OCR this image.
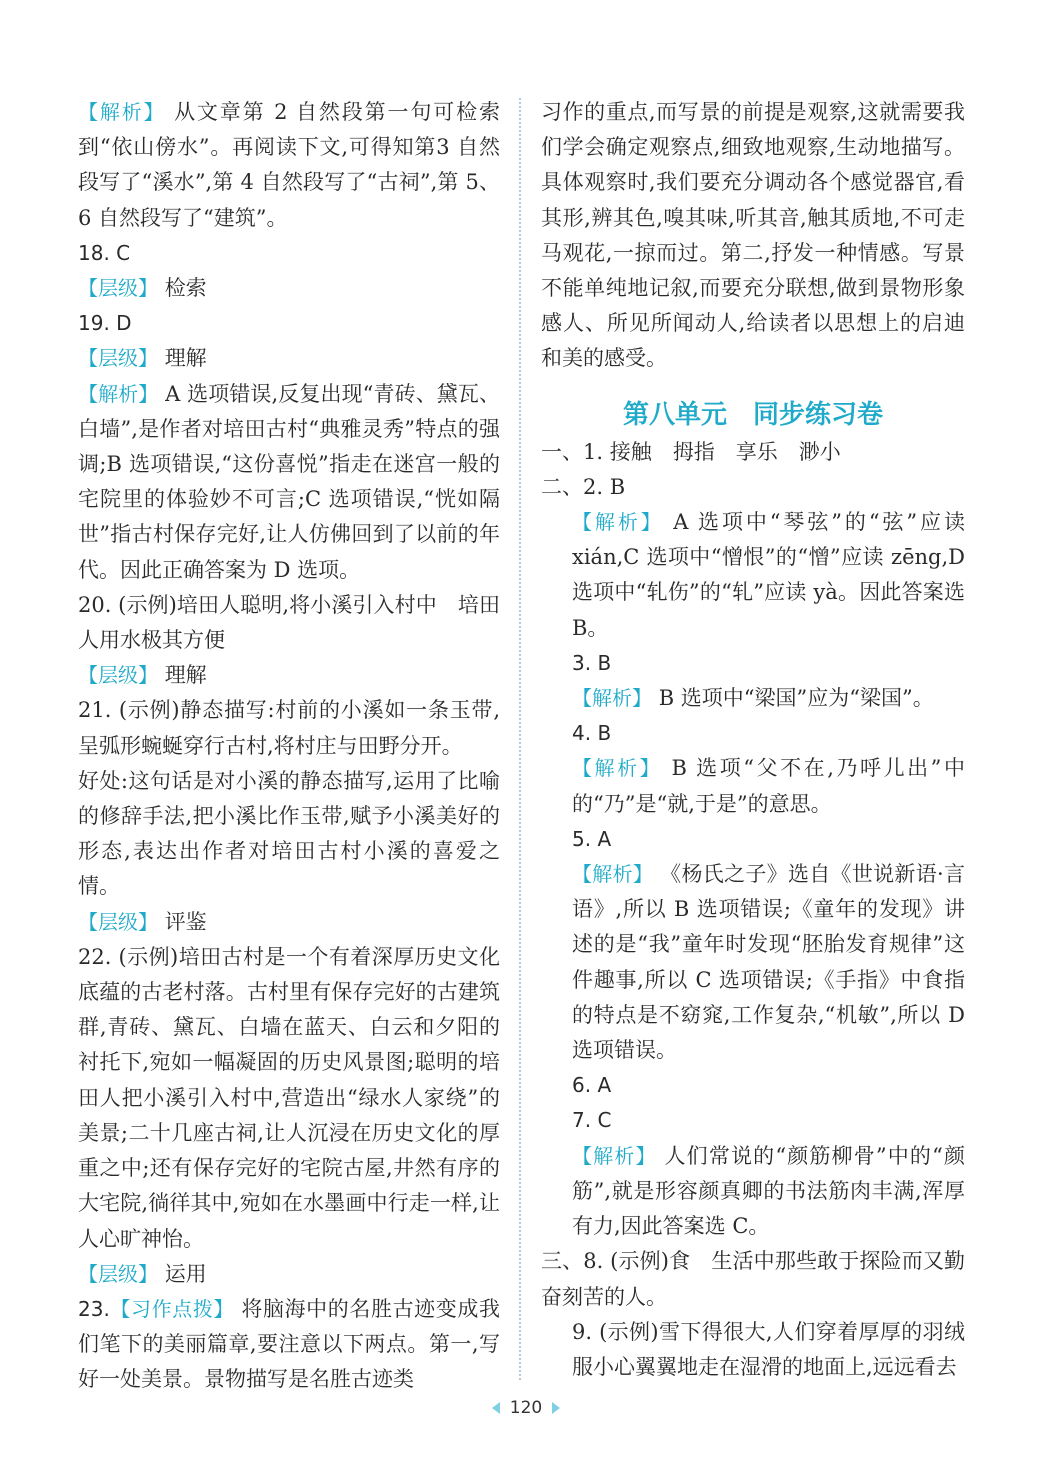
【解析】 从文章第 2 自然段第一句可检索到“依山傍水”。再阅读下文,可得知第3 自然段写了“溪水”,第 4 自然段写了“古祠”,第 5、6 自然段写了“建筑”。

18. C

【层级】 检索

19. D

【层级】 理解

【解析】 A 选项错误,反复出现“青砖、黛瓦、白墙”,是作者对培田古村“典雅灵秀”特点的强调;B 选项错误,“这份喜悦”指走在迷宫一般的宅院里的体验妙不可言;C 选项错误,“恍如隔世”指古村保存完好,让人仿佛回到了以前的年代。因此正确答案为 D 选项。

20. (示例)培田人聪明,将小溪引入村中　培田人用水极其方便

【层级】 理解

21. (示例)静态描写:村前的小溪如一条玉带,呈弧形蜿蜒穿行古村,将村庄与田野分开。

好处:这句话是对小溪的静态描写,运用了比喻的修辞手法,把小溪比作玉带,赋予小溪美好的形态,表达出作者对培田古村小溪的喜爱之情。

【层级】 评鉴

22. (示例)培田古村是一个有着深厚历史文化底蕴的古老村落。古村里有保存完好的古建筑群,青砖、黛瓦、白墙在蓝天、白云和夕阳的衬托下,宛如一幅凝固的历史风景图;聪明的培田人把小溪引入村中,营造出“绿水人家绕”的美景;二十几座古祠,让人沉浸在历史文化的厚重之中;还有保存完好的宅院古屋,井然有序的大宅院,徜徉其中,宛如在水墨画中行走一样,让人心旷神怡。

【层级】 运用

23.【习作点拨】 将脑海中的名胜古迹变成我们笔下的美丽篇章,要注意以下两点。第一,写好一处美景。景物描写是名胜古迹类

习作的重点,而写景的前提是观察,这就需要我们学会确定观察点,细致地观察,生动地描写。具体观察时,我们要充分调动各个感觉器官,看其形,辨其色,嗅其味,听其音,触其质地,不可走马观花,一掠而过。第二,抒发一种情感。写景不能单纯地记叙,而要充分联想,做到景物形象感人、所见所闻动人,给读者以思想上的启迪和美的感受。

第八单元　同步练习卷

一、1. 接触　拇指　享乐　渺小

二、2. B

【解析】 A 选项中“琴弦”的“弦”应读 xián,C 选项中“憎恨”的“憎”应读 zēng,D 选项中“轧伤”的“轧”应读 yà。因此答案选 B。

3. B

【解析】 B 选项中“梁国”应为“梁国”。

4. B

【解析】 B 选项“父不在,乃呼儿出”中的“乃”是“就,于是”的意思。

5. A

【解析】 《杨氏之子》选自《世说新语·言语》,所以 B 选项错误;《童年的发现》讲述的是“我”童年时发现“胚胎发育规律”这件趣事,所以 C 选项错误;《手指》中食指的特点是不窈窕,工作复杂,“机敏”,所以 D 选项错误。

6. A

7. C

【解析】 人们常说的“颜筋柳骨”中的“颜筋”,就是形容颜真卿的书法筋肉丰满,浑厚有力,因此答案选 C。

三、8. (示例)食　生活中那些敢于探险而又勤奋刻苦的人。

9. (示例)雪下得很大,人们穿着厚厚的羽绒服小心翼翼地走在湿滑的地面上,远远看去

120
